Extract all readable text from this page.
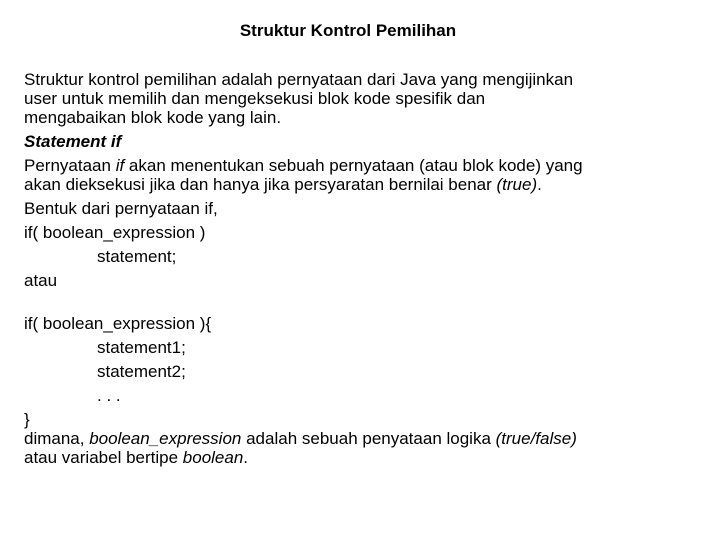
Struktur Kontrol Pemilihan
Struktur kontrol pemilihan adalah pernyataan dari Java yang mengijinkan
user untuk memilih dan mengeksekusi blok kode spesifik dan
mengabaikan blok kode yang lain.
Statement if
Pernyataan if akan menentukan sebuah pernyataan (atau blok kode) yang
akan dieksekusi jika dan hanya jika persyaratan bernilai benar (true).
Bentuk dari pernyataan if,
if( boolean_expression )
statement;
atau
if( boolean_expression ){
statement1;
statement2;
. . .
}
dimana, boolean_expression adalah sebuah penyataan logika (true/false)
atau variabel bertipe boolean.
